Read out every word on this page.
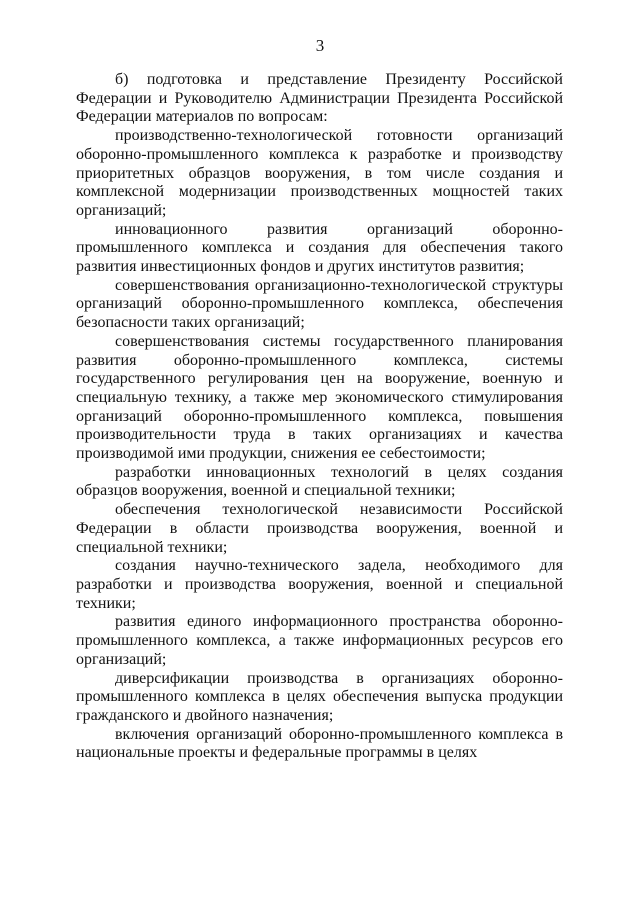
3

б) подготовка и представление Президенту Российской Федерации и Руководителю Администрации Президента Российской Федерации материалов по вопросам:

производственно-технологической готовности организаций оборонно-промышленного комплекса к разработке и производству приоритетных образцов вооружения, в том числе создания и комплексной модернизации производственных мощностей таких организаций;

инновационного развития организаций оборонно-промышленного комплекса и создания для обеспечения такого развития инвестиционных фондов и других институтов развития;

совершенствования организационно-технологической структуры организаций оборонно-промышленного комплекса, обеспечения безопасности таких организаций;

совершенствования системы государственного планирования развития оборонно-промышленного комплекса, системы государственного регулирования цен на вооружение, военную и специальную технику, а также мер экономического стимулирования организаций оборонно-промышленного комплекса, повышения производительности труда в таких организациях и качества производимой ими продукции, снижения ее себестоимости;

разработки инновационных технологий в целях создания образцов вооружения, военной и специальной техники;

обеспечения технологической независимости Российской Федерации в области производства вооружения, военной и специальной техники;

создания научно-технического задела, необходимого для разработки и производства вооружения, военной и специальной техники;

развития единого информационного пространства оборонно-промышленного комплекса, а также информационных ресурсов его организаций;

диверсификации производства в организациях оборонно-промышленного комплекса в целях обеспечения выпуска продукции гражданского и двойного назначения;

включения организаций оборонно-промышленного комплекса в национальные проекты и федеральные программы в целях
